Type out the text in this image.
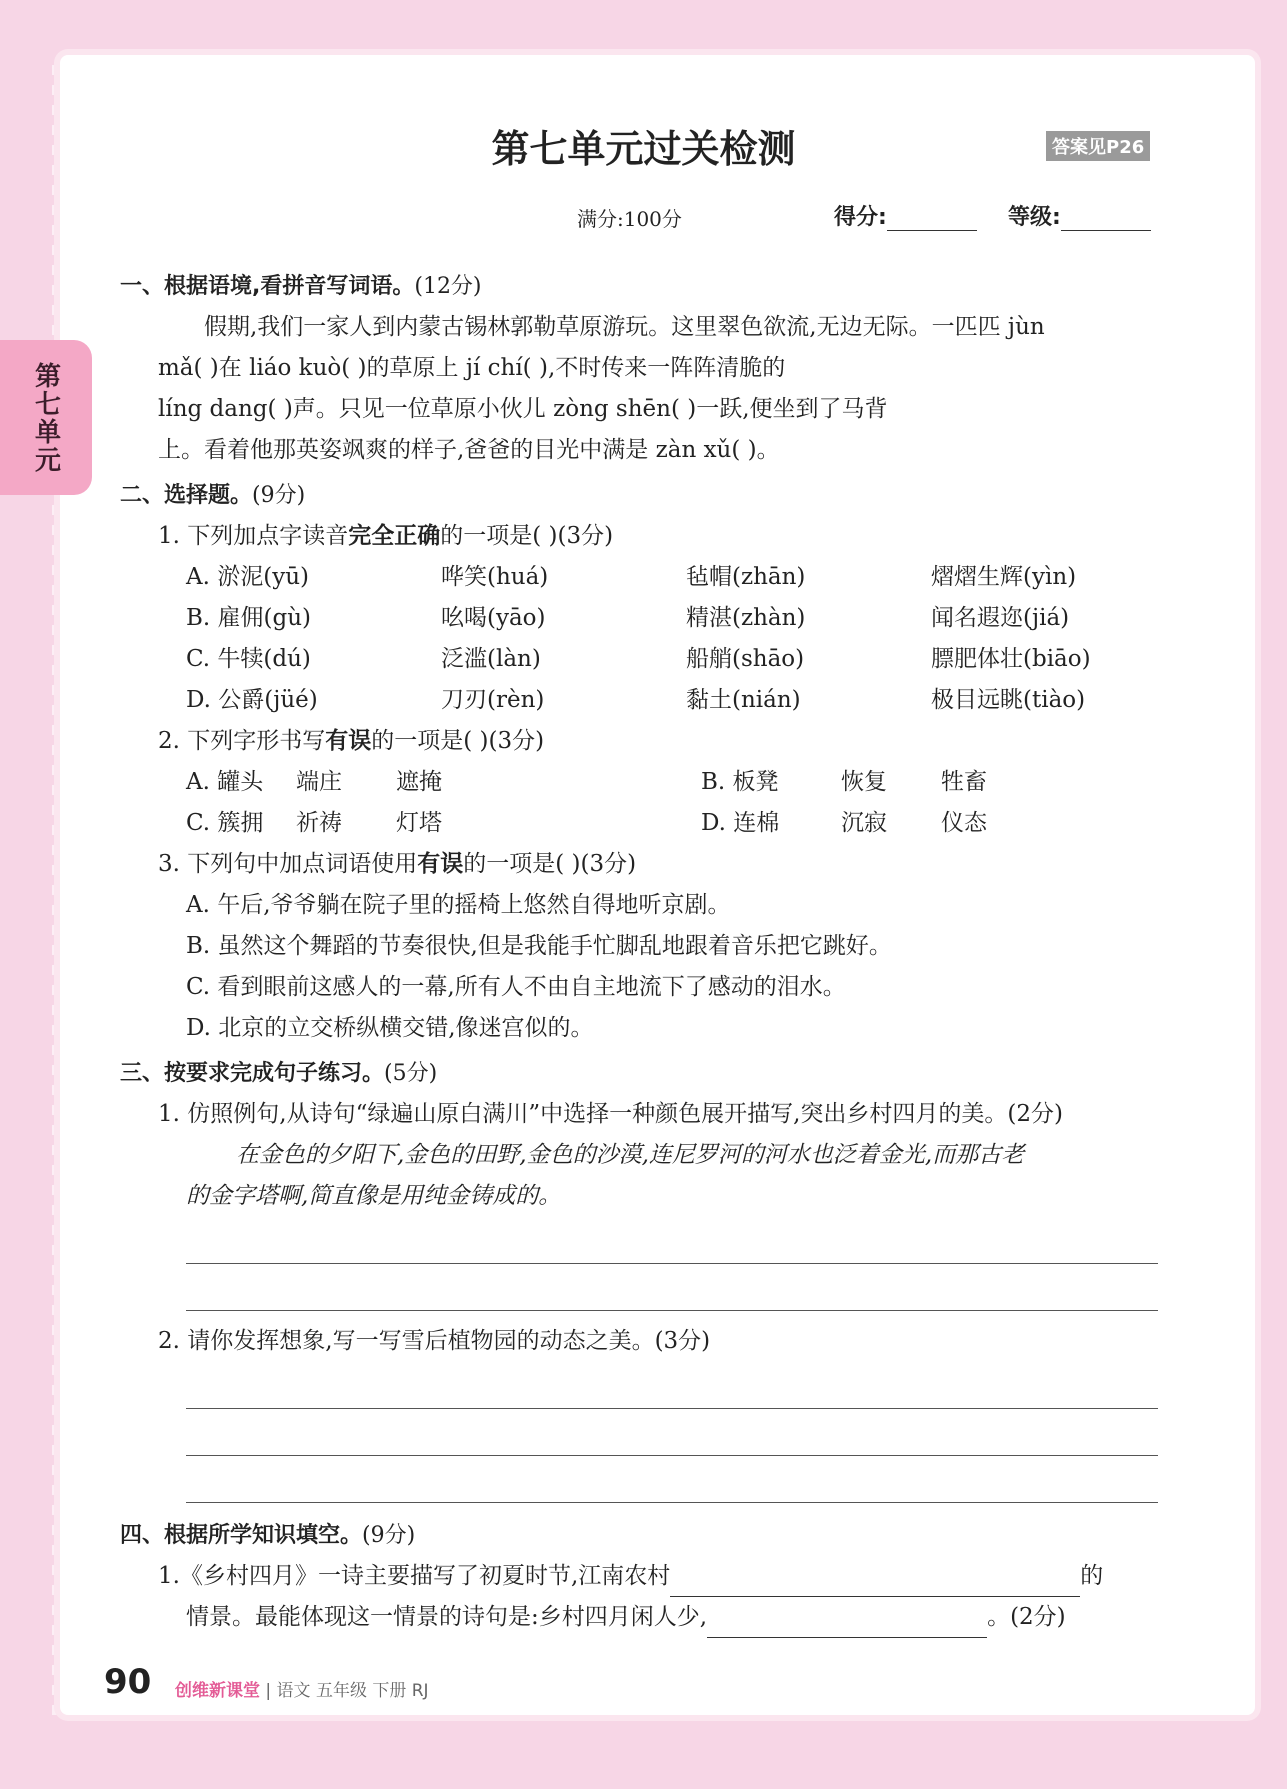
第七单元
第七单元过关检测	答案见P26
满分:100分	得分:	等级:
一、根据语境,看拼音写词语。(12分)
假期,我们一家人到内蒙古锡林郭勒草原游玩。这里翠色欲流,无边无际。一匹匹 jùn
mǎ( )在 liáo kuò( )的草原上 jí chí( ),不时传来一阵阵清脆的
líng dang( )声。只见一位草原小伙儿 zòng shēn( )一跃,便坐到了马背
上。看着他那英姿飒爽的样子,爸爸的目光中满是 zàn xǔ( )。
二、选择题。(9分)
1. 下列加点字读音完全正确的一项是( )(3分)
A. 淤泥(yū)	哗笑(huá)	毡帽(zhān)	熠熠生辉(yìn)
B. 雇佣(gù)	吆喝(yāo)	精湛(zhàn)	闻名遐迩(jiá)
C. 牛犊(dú)	泛滥(làn)	船艄(shāo)	膘肥体壮(biāo)
D. 公爵(jüé)	刀刃(rèn)	黏土(nián)	极目远眺(tiào)
2. 下列字形书写有误的一项是( )(3分)
A. 罐头	端庄	遮掩	B. 板凳	恢复	牲畜
C. 簇拥	祈祷	灯塔	D. 连棉	沉寂	仪态
3. 下列句中加点词语使用有误的一项是( )(3分)
A. 午后,爷爷躺在院子里的摇椅上悠然自得地听京剧。
B. 虽然这个舞蹈的节奏很快,但是我能手忙脚乱地跟着音乐把它跳好。
C. 看到眼前这感人的一幕,所有人不由自主地流下了感动的泪水。
D. 北京的立交桥纵横交错,像迷宫似的。
三、按要求完成句子练习。(5分)
1. 仿照例句,从诗句“绿遍山原白满川”中选择一种颜色展开描写,突出乡村四月的美。(2分)
在金色的夕阳下,金色的田野,金色的沙漠,连尼罗河的河水也泛着金光,而那古老
的金字塔啊,简直像是用纯金铸成的。
2. 请你发挥想象,写一写雪后植物园的动态之美。(3分)
四、根据所学知识填空。(9分)
1.《乡村四月》一诗主要描写了初夏时节,江南农村	的
情景。最能体现这一情景的诗句是:乡村四月闲人少,	。(2分)
90 创维新课堂 | 语文 五年级 下册 RJ
